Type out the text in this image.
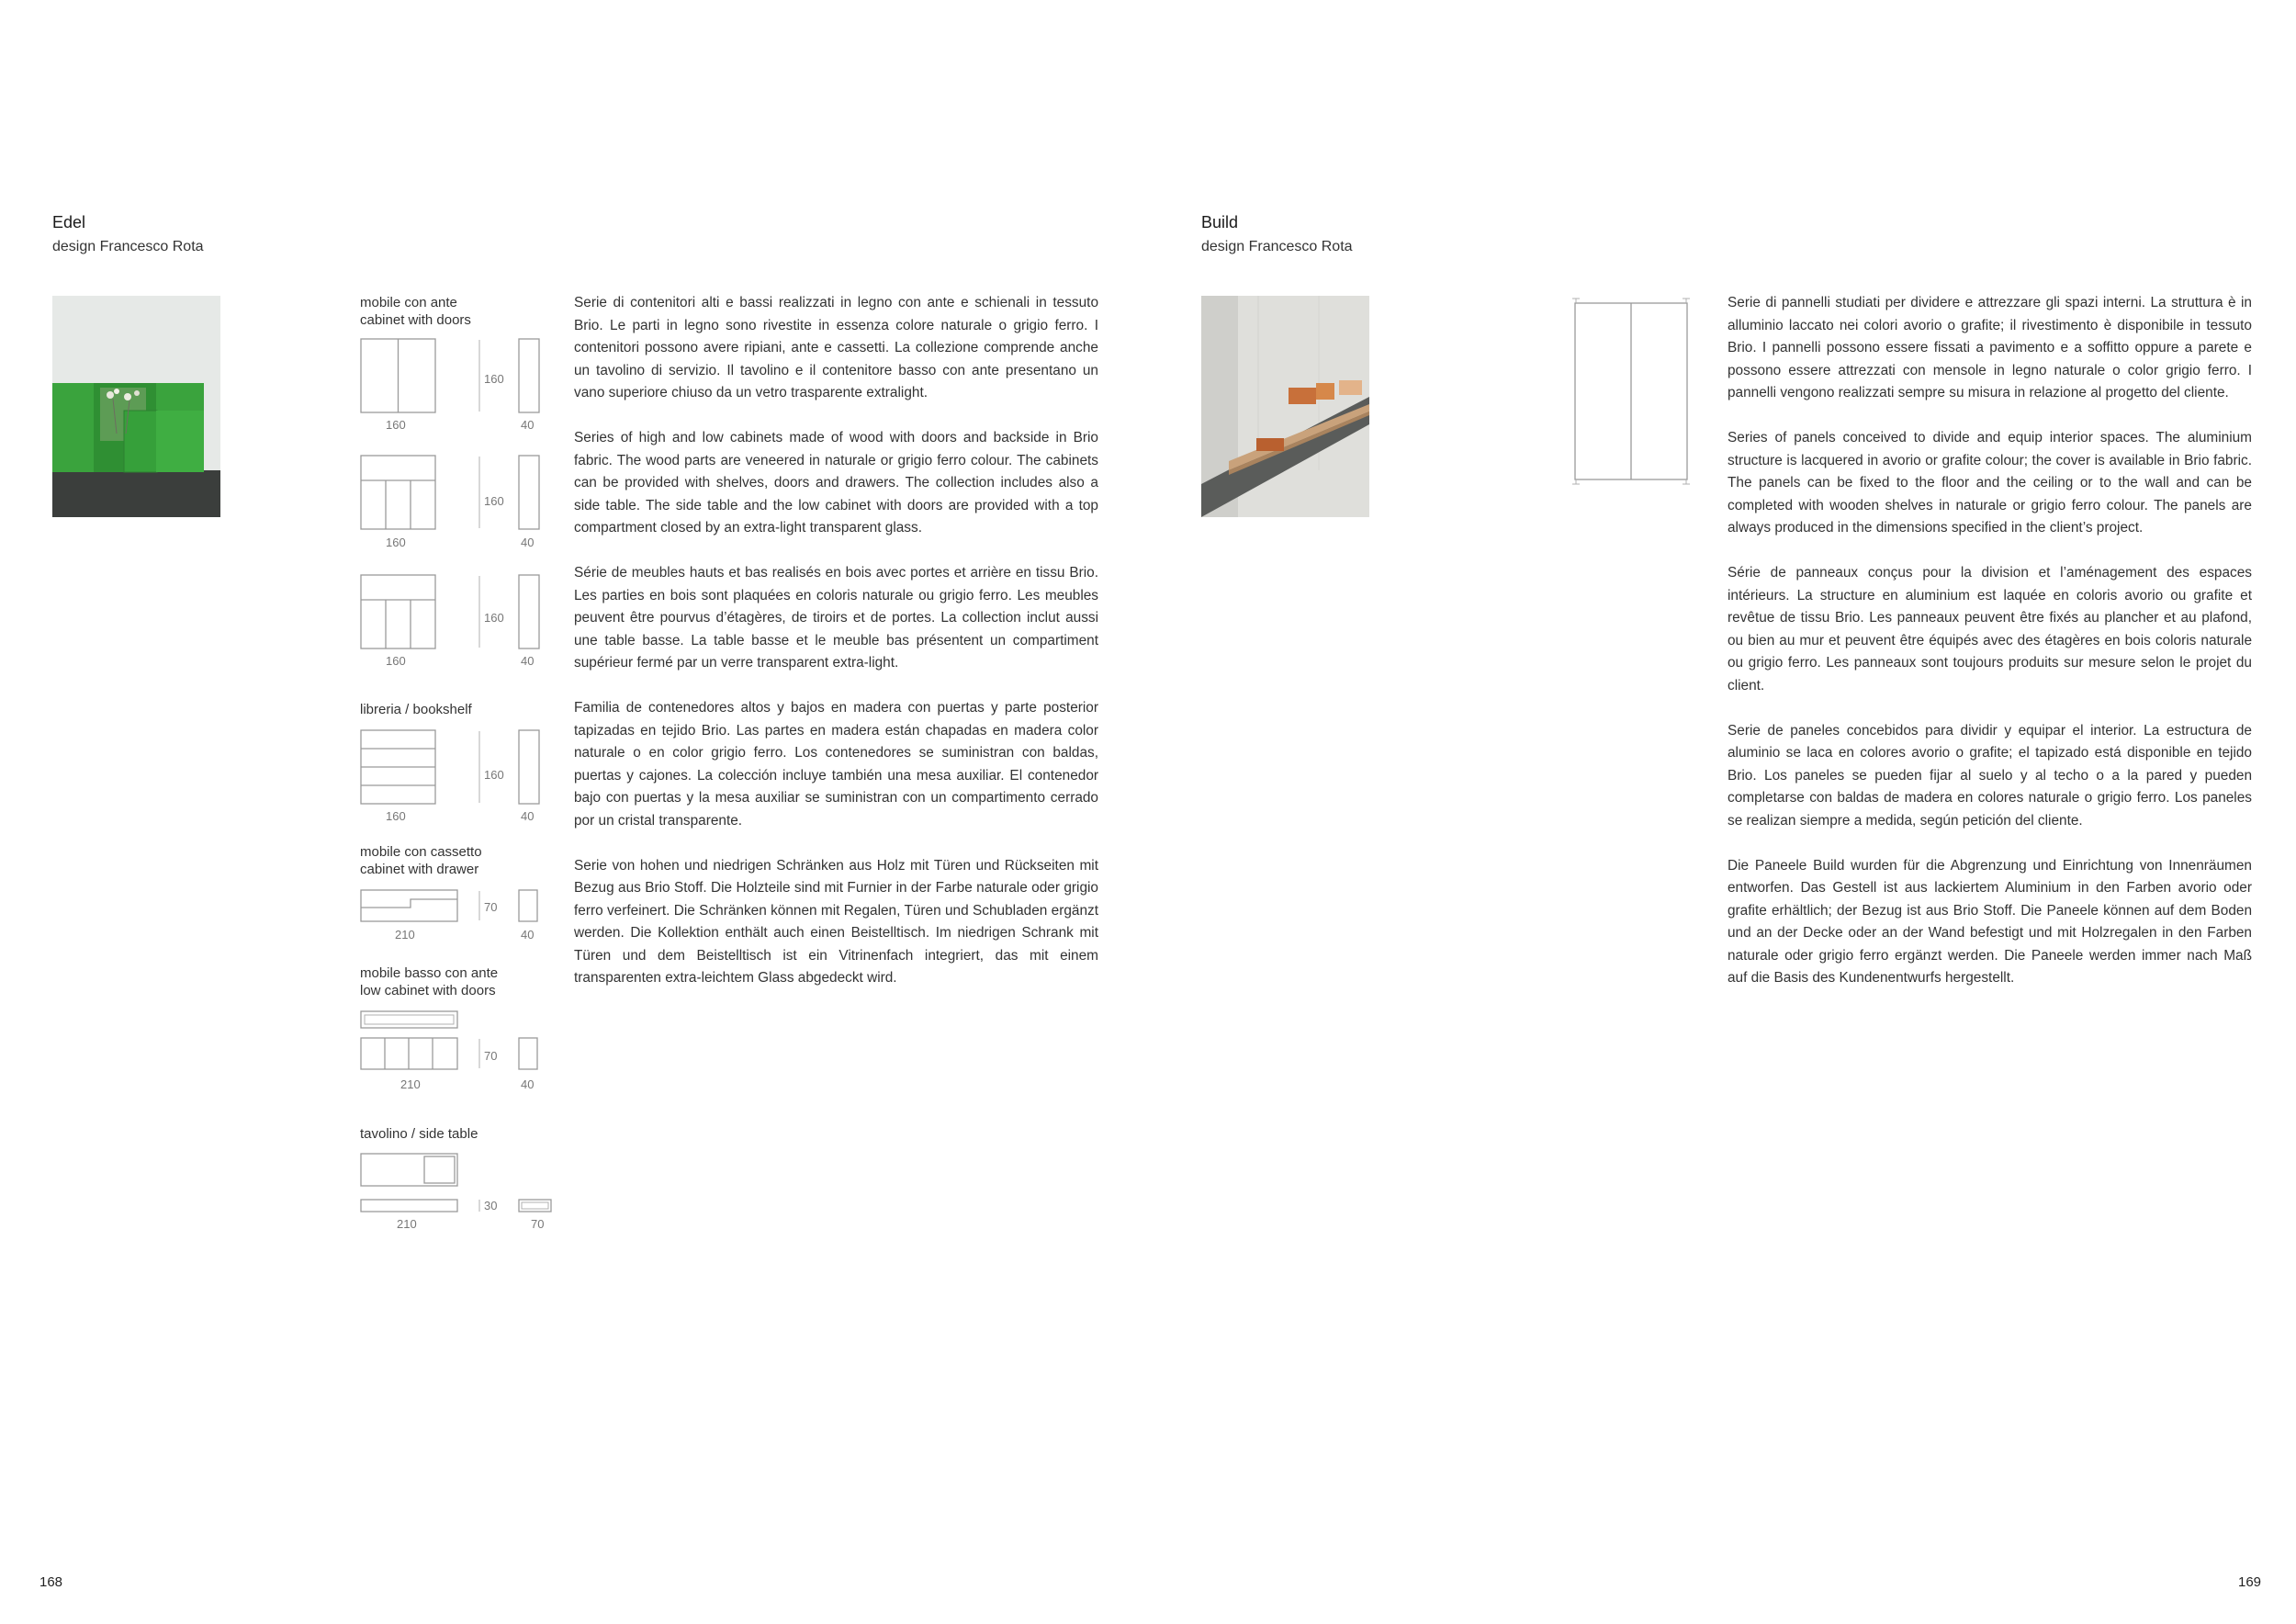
Edel
design Francesco Rota
mobile con ante
cabinet with doors
160
160
40
160
160
40
160
160
40
libreria / bookshelf
160
160
40
mobile con cassetto
cabinet with drawer
210
70
40
mobile basso con ante
low cabinet with doors
210
70
40
tavolino / side table
210
30
70

Serie di contenitori alti e bassi realizzati in legno con ante e schienali in tessuto Brio. Le parti in legno sono rivestite in essenza colore naturale o grigio ferro. I contenitori possono avere ripiani, ante e cassetti. La collezione comprende anche un tavolino di servizio. Il tavolino e il contenitore basso con ante presentano un vano superiore chiuso da un vetro trasparente extralight.

Series of high and low cabinets made of wood with doors and backside in Brio fabric. The wood parts are veneered in naturale or grigio ferro colour. The cabinets can be provided with shelves, doors and drawers. The collection includes also a side table. The side table and the low cabinet with doors are provided with a top compartment closed by an extra-light transparent glass.

Série de meubles hauts et bas realisés en bois avec portes et arrière en tissu Brio. Les parties en bois sont plaquées en coloris naturale ou grigio ferro. Les meubles peuvent être pourvus d’étagères, de tiroirs et de portes. La collection inclut aussi une table basse. La table basse et le meuble bas présentent un compartiment supérieur fermé par un verre transparent extra-light.

Familia de contenedores altos y bajos en madera con puertas y parte posterior tapizadas en tejido Brio. Las partes en madera están chapadas en madera color naturale o en color grigio ferro. Los contenedores se suministran con baldas, puertas y cajones. La colección incluye también una mesa auxiliar. El contenedor bajo con puertas y la mesa auxiliar se suministran con un compartimento cerrado por un cristal transparente.

Serie von hohen und niedrigen Schränken aus Holz mit Türen und Rückseiten mit Bezug aus Brio Stoff. Die Holzteile sind mit Furnier in der Farbe naturale oder grigio ferro verfeinert. Die Schränken können mit Regalen, Türen und Schubladen ergänzt werden. Die Kollektion enthält auch einen Beistelltisch. Im niedrigen Schrank mit Türen und dem Beistelltisch ist ein Vitrinenfach integriert, das mit einem transparenten extra-leichtem Glass abgedeckt wird.

168
Build
design Francesco Rota

Serie di pannelli studiati per dividere e attrezzare gli spazi interni. La struttura è in alluminio laccato nei colori avorio o grafite; il rivestimento è disponibile in tessuto Brio. I pannelli possono essere fissati a pavimento e a soffitto oppure a parete e possono essere attrezzati con mensole in legno naturale o color grigio ferro. I pannelli vengono realizzati sempre su misura in relazione al progetto del cliente.

Series of panels conceived to divide and equip interior spaces. The aluminium structure is lacquered in avorio or grafite colour; the cover is available in Brio fabric. The panels can be fixed to the floor and the ceiling or to the wall and can be completed with wooden shelves in naturale or grigio ferro colour. The panels are always produced in the dimensions specified in the client’s project.

Série de panneaux conçus pour la division et l’aménagement des espaces intérieurs. La structure en aluminium est laquée en coloris avorio ou grafite et revêtue de tissu Brio. Les panneaux peuvent être fixés au plancher et au plafond, ou bien au mur et peuvent être équipés avec des étagères en bois coloris naturale ou grigio ferro. Les panneaux sont toujours produits sur mesure selon le projet du client.

Serie de paneles concebidos para dividir y equipar el interior. La estructura de aluminio se laca en colores avorio o grafite; el tapizado está disponible en tejido Brio. Los paneles se pueden fijar al suelo y al techo o a la pared y pueden completarse con baldas de madera en colores naturale o grigio ferro. Los paneles se realizan siempre a medida, según petición del cliente.

Die Paneele Build wurden für die Abgrenzung und Einrichtung von Innenräumen entworfen. Das Gestell ist aus lackiertem Aluminium in den Farben avorio oder grafite erhältlich; der Bezug ist aus Brio Stoff. Die Paneele können auf dem Boden und an der Decke oder an der Wand befestigt und mit Holzregalen in den Farben naturale oder grigio ferro ergänzt werden. Die Paneele werden immer nach Maß auf die Basis des Kundenentwurfs hergestellt.

169
